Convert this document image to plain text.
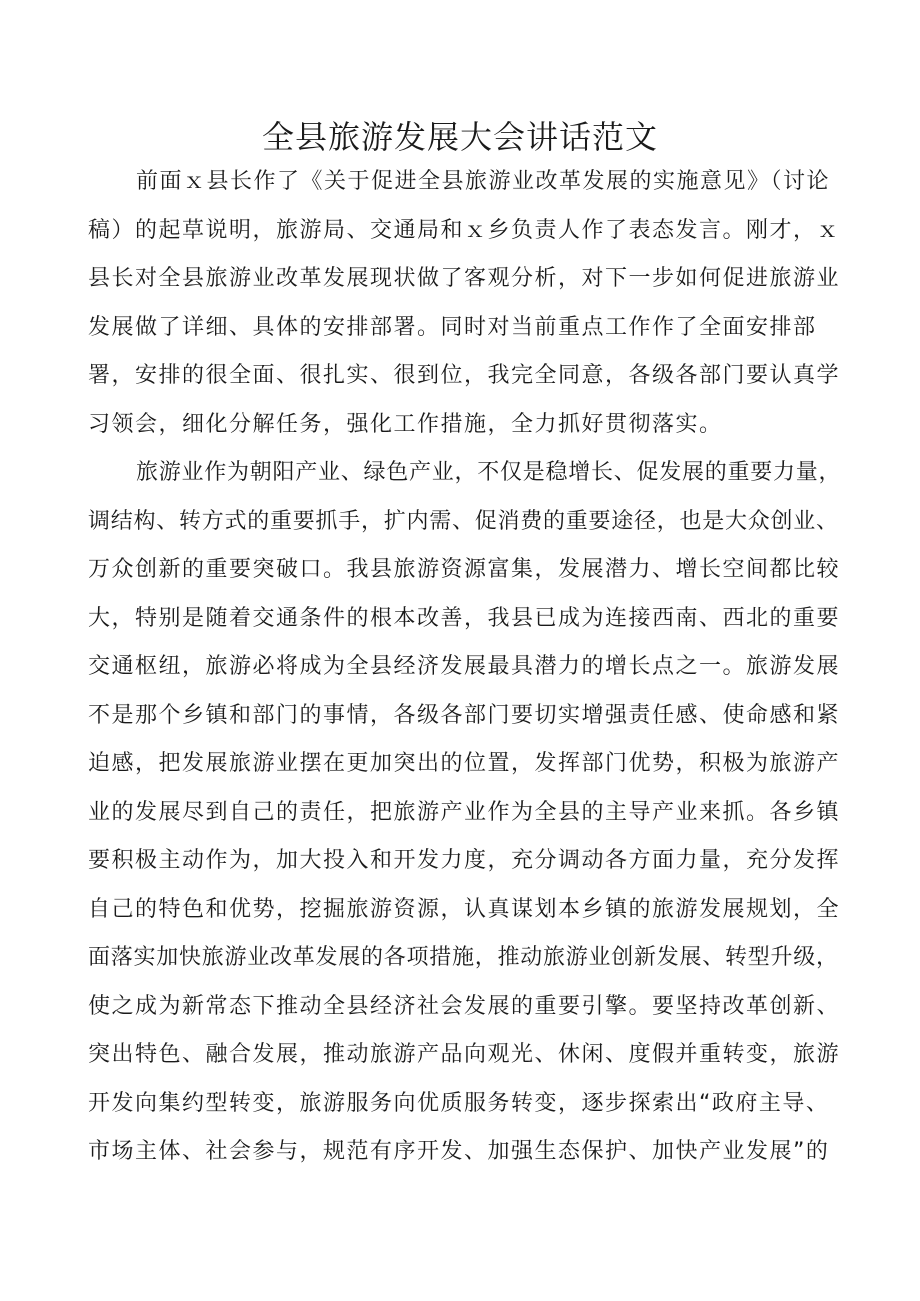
全县旅游发展大会讲话范文
前面ｘ县长作了《关于促进全县旅游业改革发展的实施意见》（讨论
稿）的起草说明，旅游局、交通局和ｘ乡负责人作了表态发言。刚才，ｘ
县长对全县旅游业改革发展现状做了客观分析，对下一步如何促进旅游业
发展做了详细、具体的安排部署。同时对当前重点工作作了全面安排部
署，安排的很全面、很扎实、很到位，我完全同意，各级各部门要认真学
习领会，细化分解任务，强化工作措施，全力抓好贯彻落实。
旅游业作为朝阳产业、绿色产业，不仅是稳增长、促发展的重要力量，
调结构、转方式的重要抓手，扩内需、促消费的重要途径，也是大众创业、
万众创新的重要突破口。我县旅游资源富集，发展潜力、增长空间都比较
大，特别是随着交通条件的根本改善，我县已成为连接西南、西北的重要
交通枢纽，旅游必将成为全县经济发展最具潜力的增长点之一。旅游发展
不是那个乡镇和部门的事情，各级各部门要切实增强责任感、使命感和紧
迫感，把发展旅游业摆在更加突出的位置，发挥部门优势，积极为旅游产
业的发展尽到自己的责任，把旅游产业作为全县的主导产业来抓。各乡镇
要积极主动作为，加大投入和开发力度，充分调动各方面力量，充分发挥
自己的特色和优势，挖掘旅游资源，认真谋划本乡镇的旅游发展规划，全
面落实加快旅游业改革发展的各项措施，推动旅游业创新发展、转型升级，
使之成为新常态下推动全县经济社会发展的重要引擎。要坚持改革创新、
突出特色、融合发展，推动旅游产品向观光、休闲、度假并重转变，旅游
开发向集约型转变，旅游服务向优质服务转变，逐步探索出“政府主导、
市场主体、社会参与，规范有序开发、加强生态保护、加快产业发展”的
